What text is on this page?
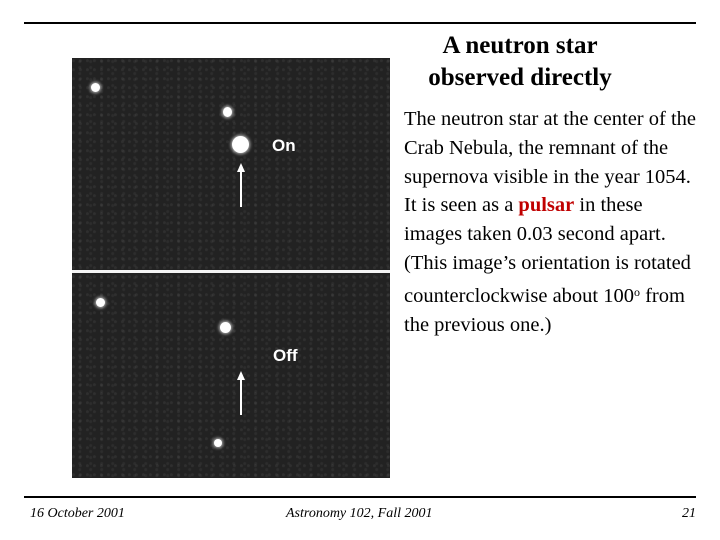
A neutron star
observed directly
On
Off
The neutron star at the center of the Crab Nebula, the remnant of the supernova visible in the year 1054. It is seen as a pulsar in these images taken 0.03 second apart. (This image’s orientation is rotated counterclockwise about 100$^o$ from the previous one.)
16 October 2001	Astronomy 102, Fall 2001	21
